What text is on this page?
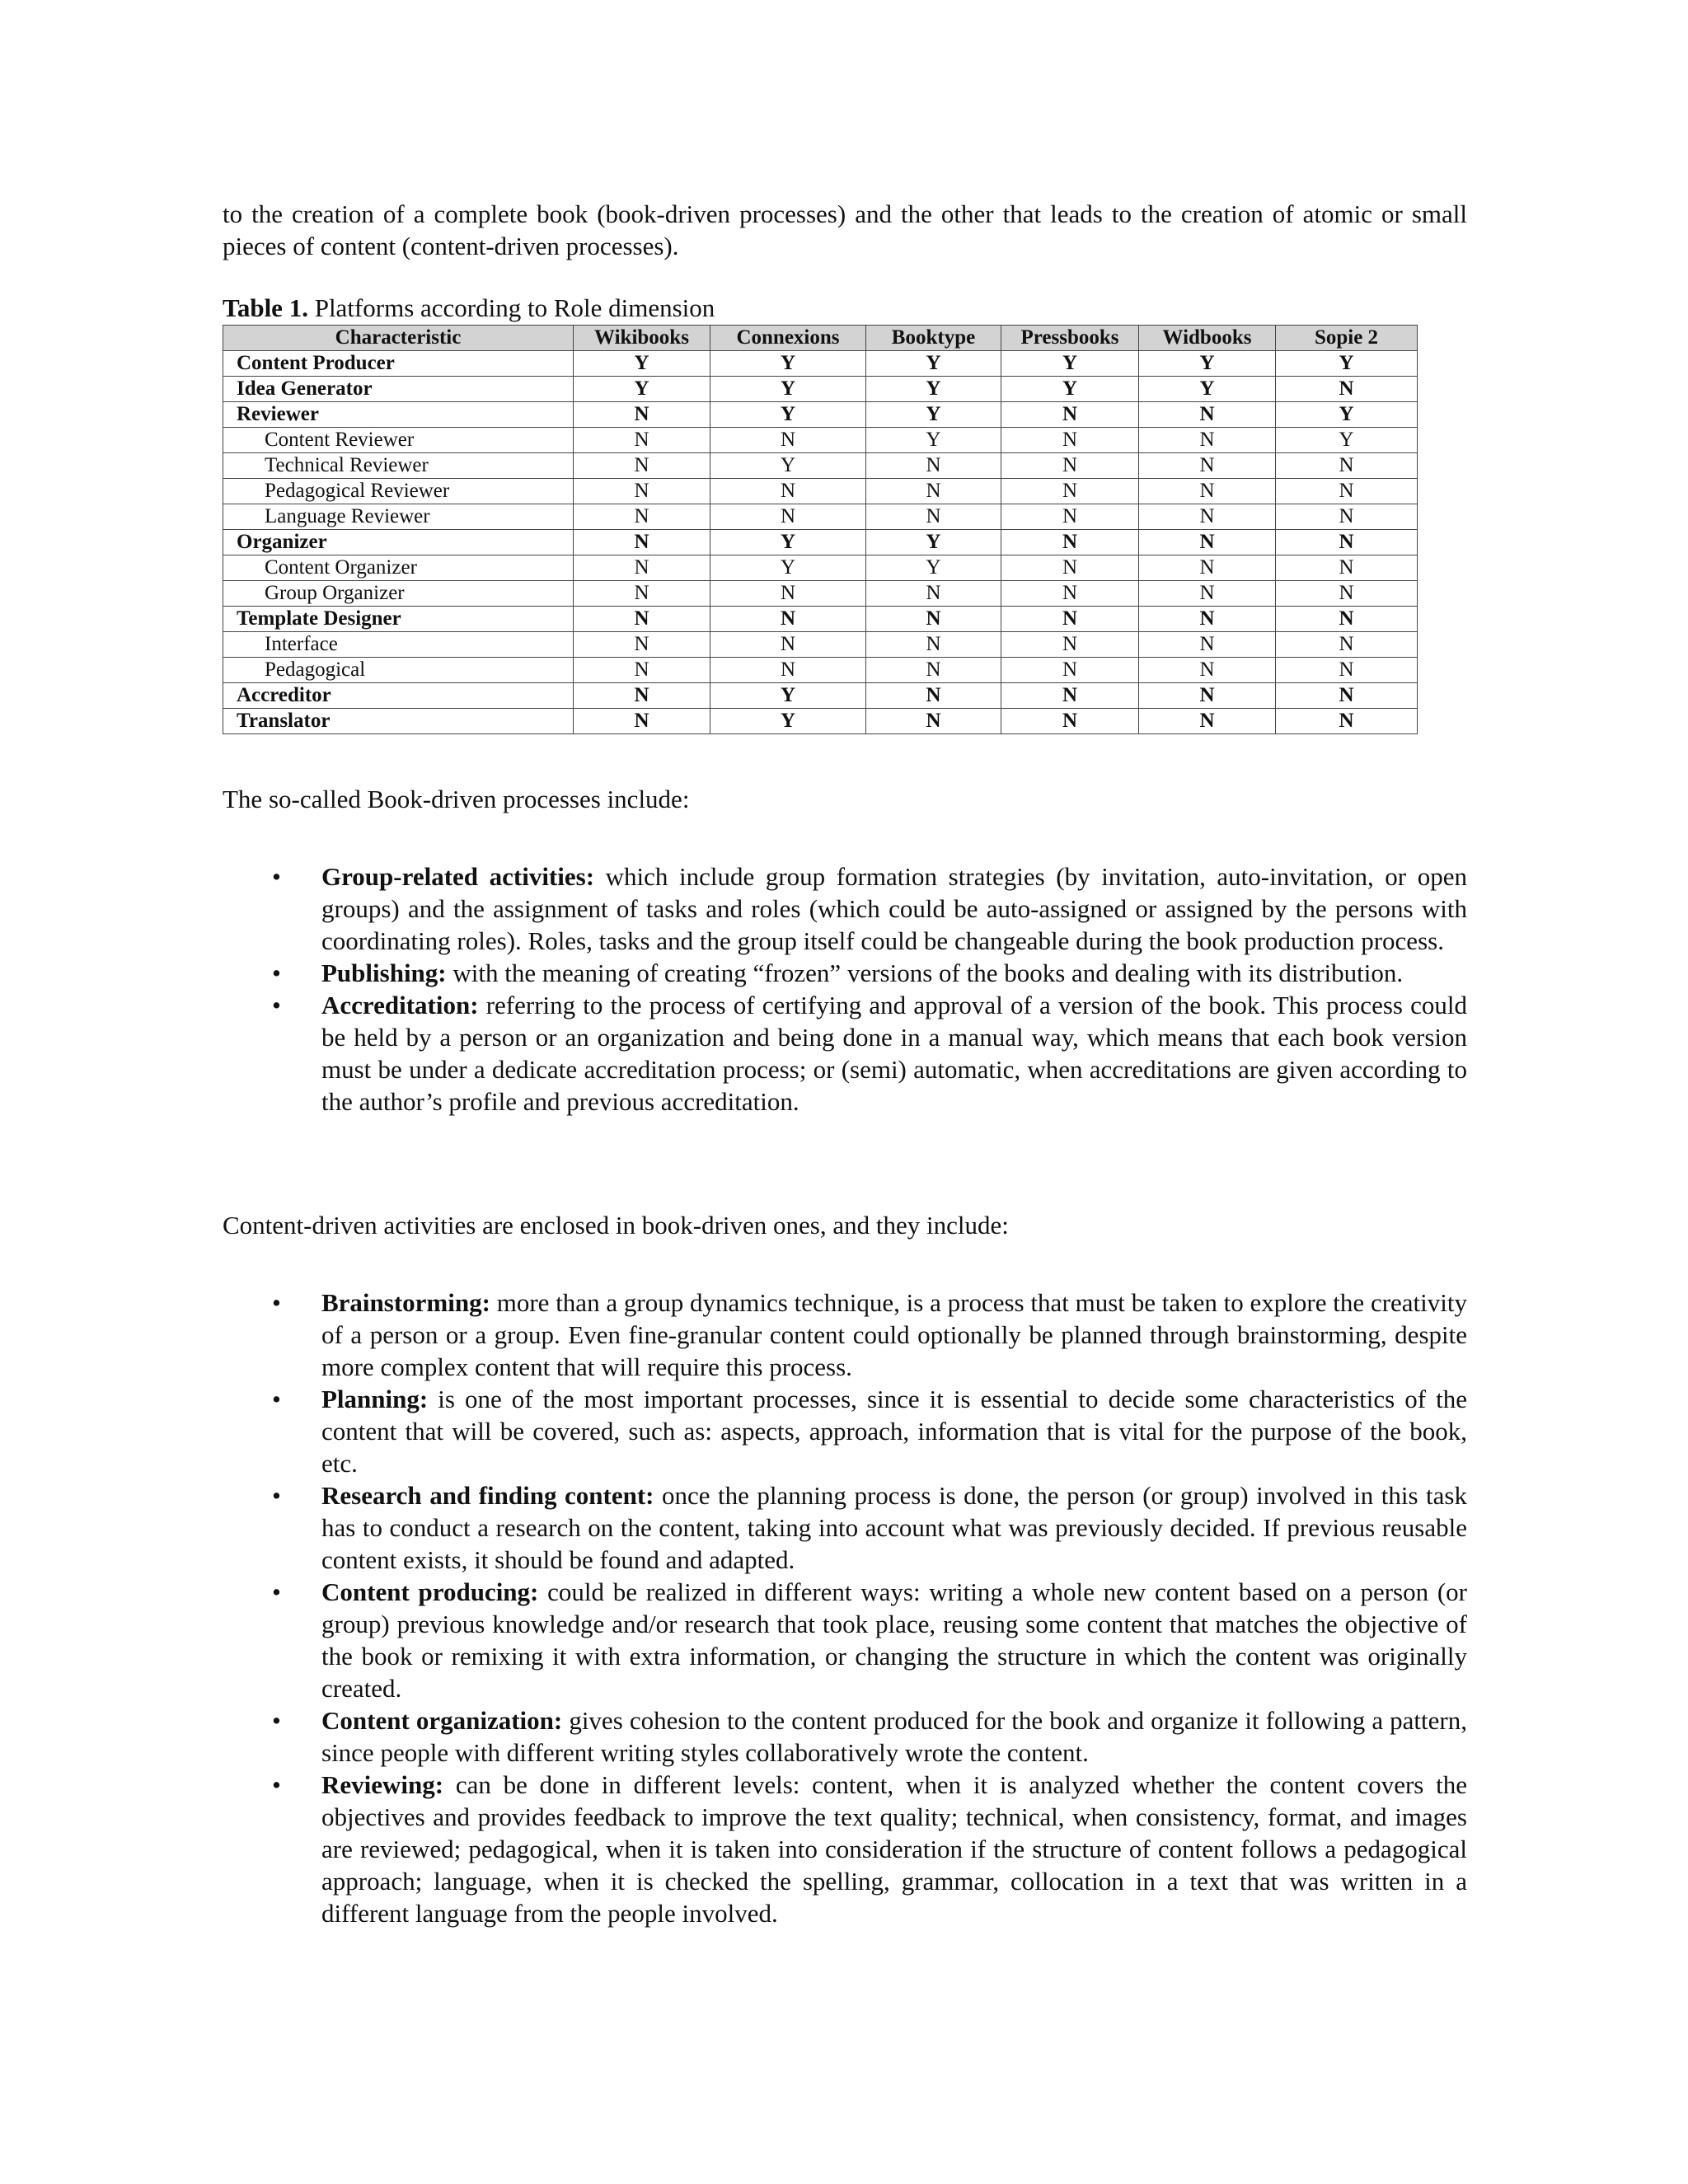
to the creation of a complete book (book-driven processes) and the other that leads to the creation of atomic or small pieces of content (content-driven processes).

Table 1. Platforms according to Role dimension

Characteristic	Wikibooks	Connexions	Booktype	Pressbooks	Widbooks	Sopie 2
Content Producer	Y	Y	Y	Y	Y	Y
Idea Generator	Y	Y	Y	Y	Y	N
Reviewer	N	Y	Y	N	N	Y
Content Reviewer	N	N	Y	N	N	Y
Technical Reviewer	N	Y	N	N	N	N
Pedagogical Reviewer	N	N	N	N	N	N
Language Reviewer	N	N	N	N	N	N
Organizer	N	Y	Y	N	N	N
Content Organizer	N	Y	Y	N	N	N
Group Organizer	N	N	N	N	N	N
Template Designer	N	N	N	N	N	N
Interface	N	N	N	N	N	N
Pedagogical	N	N	N	N	N	N
Accreditor	N	Y	N	N	N	N
Translator	N	Y	N	N	N	N

The so-called Book-driven processes include:

• Group-related activities: which include group formation strategies (by invitation, auto-invitation, or open groups) and the assignment of tasks and roles (which could be auto-assigned or assigned by the persons with coordinating roles). Roles, tasks and the group itself could be changeable during the book production process.
• Publishing: with the meaning of creating “frozen” versions of the books and dealing with its distribution.
• Accreditation: referring to the process of certifying and approval of a version of the book. This process could be held by a person or an organization and being done in a manual way, which means that each book version must be under a dedicate accreditation process; or (semi) automatic, when accreditations are given according to the author’s profile and previous accreditation.

Content-driven activities are enclosed in book-driven ones, and they include:

• Brainstorming: more than a group dynamics technique, is a process that must be taken to explore the creativity of a person or a group. Even fine-granular content could optionally be planned through brainstorming, despite more complex content that will require this process.
• Planning: is one of the most important processes, since it is essential to decide some characteristics of the content that will be covered, such as: aspects, approach, information that is vital for the purpose of the book, etc.
• Research and finding content: once the planning process is done, the person (or group) involved in this task has to conduct a research on the content, taking into account what was previously decided. If previous reusable content exists, it should be found and adapted.
• Content producing: could be realized in different ways: writing a whole new content based on a person (or group) previous knowledge and/or research that took place, reusing some content that matches the objective of the book or remixing it with extra information, or changing the structure in which the content was originally created.
• Content organization: gives cohesion to the content produced for the book and organize it following a pattern, since people with different writing styles collaboratively wrote the content.
• Reviewing: can be done in different levels: content, when it is analyzed whether the content covers the objectives and provides feedback to improve the text quality; technical, when consistency, format, and images are reviewed; pedagogical, when it is taken into consideration if the structure of content follows a pedagogical approach; language, when it is checked the spelling, grammar, collocation in a text that was written in a different language from the people involved.
